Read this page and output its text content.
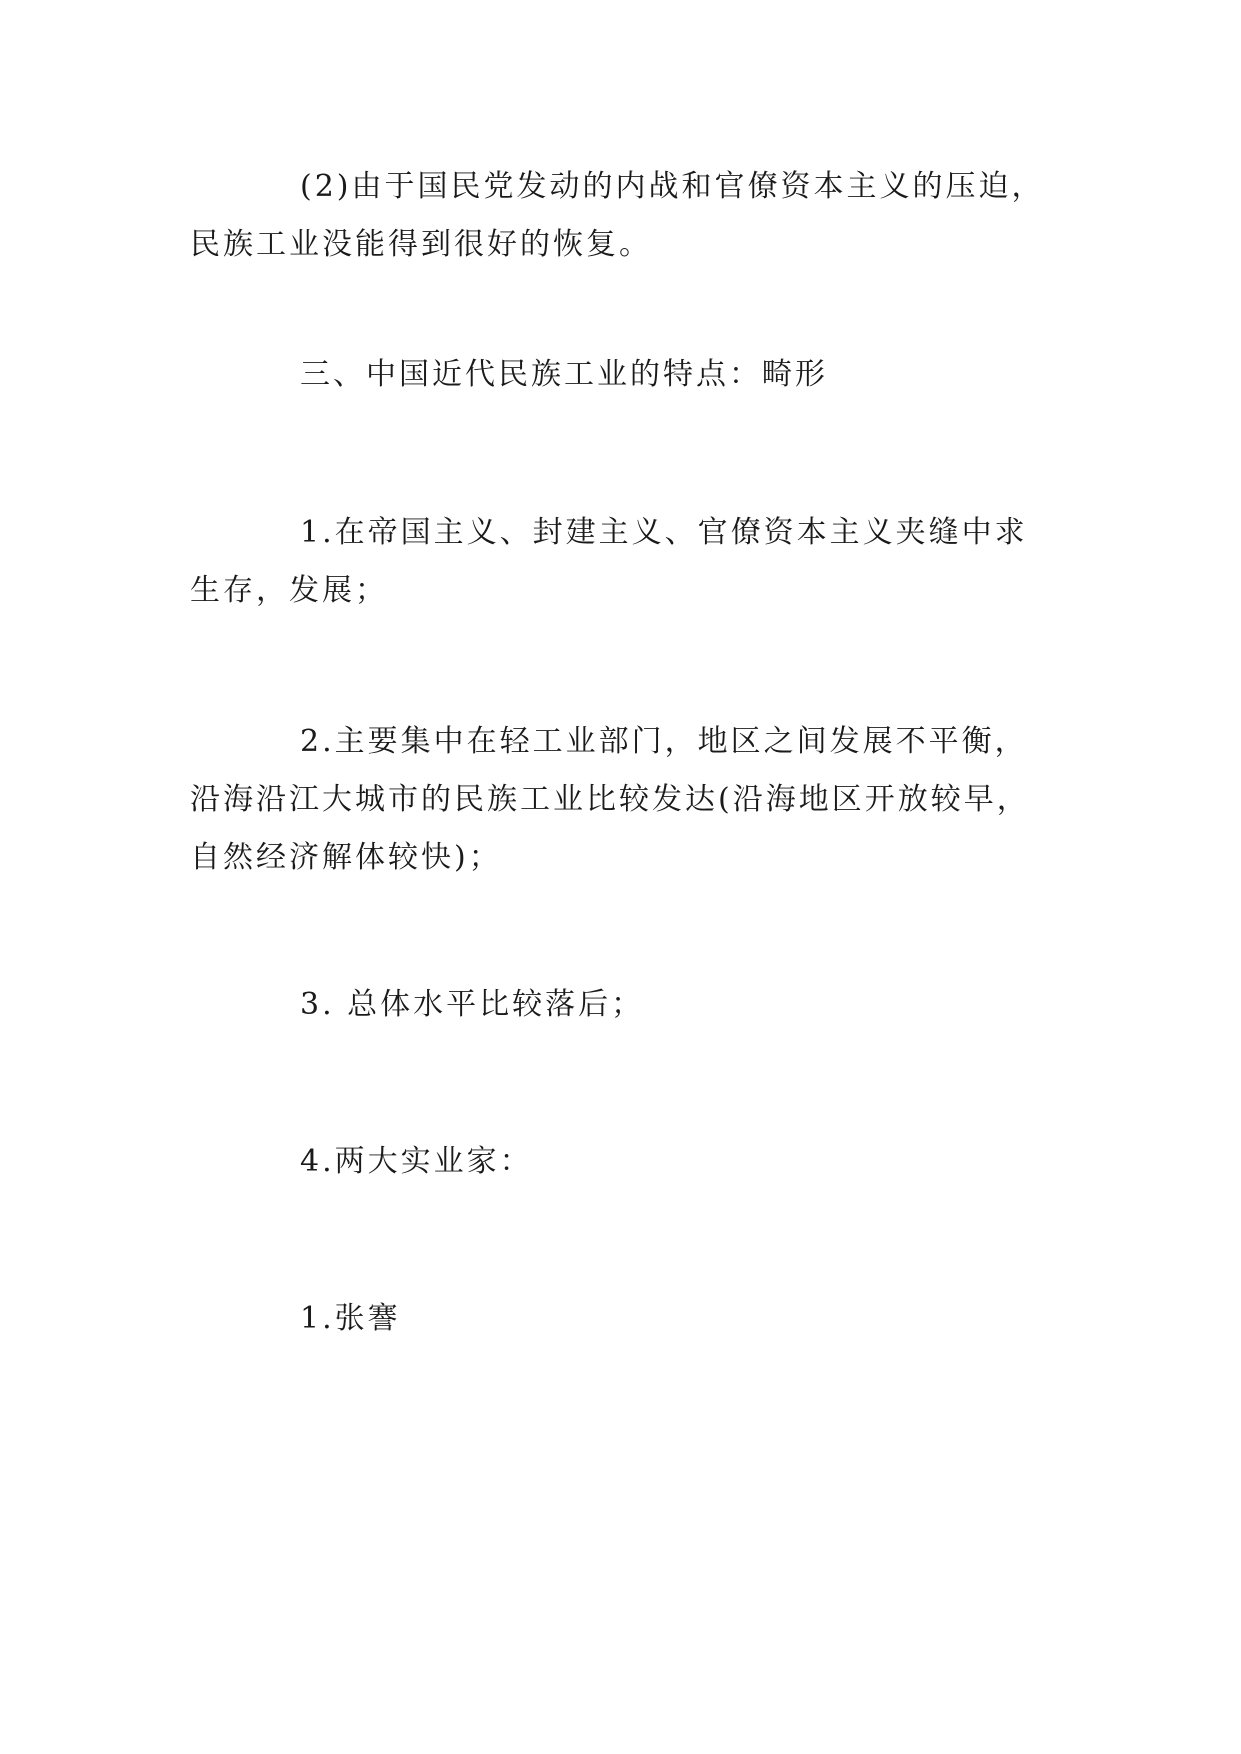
(2)由于国民党发动的内战和官僚资本主义的压迫，民族工业没能得到很好的恢复。

三、中国近代民族工业的特点：畸形

1.在帝国主义、封建主义、官僚资本主义夹缝中求生存，发展；

2.主要集中在轻工业部门，地区之间发展不平衡，沿海沿江大城市的民族工业比较发达(沿海地区开放较早，自然经济解体较快)；

3. 总体水平比较落后；

4.两大实业家：

1.张謇
